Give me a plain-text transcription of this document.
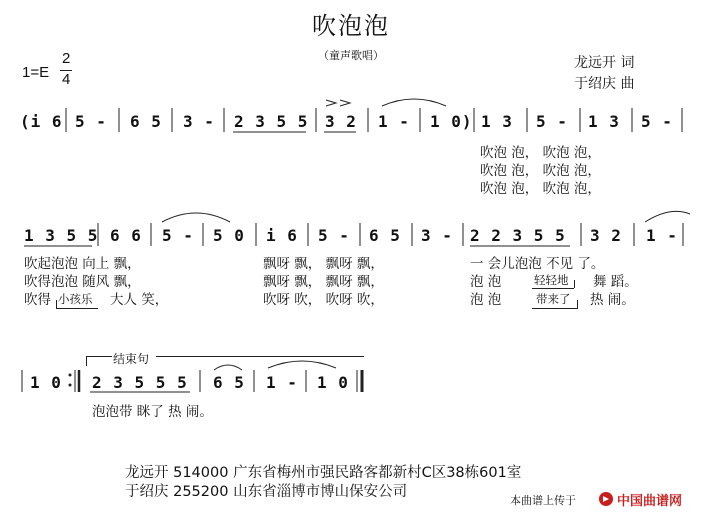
吹泡泡
（童声歌唱）
1=E
2
4
龙远开 词
于绍庆 曲
(i 6 5 - 6 5 3 - 2 3 5 5 3 2 1 - 1 0) 1 3 5 - 1 3 5 -
吹泡 泡， 吹泡 泡，
吹泡 泡， 吹泡 泡，
吹泡 泡， 吹泡 泡，
1 3 5 5 6 6 5 - 5 0 i 6 5 - 6 5 3 - 2 2 3 5 5 3 2 1 -
吹起泡泡 向上 飘，	飘呀 飘， 飘呀 飘，	一 会儿泡泡 不见 了。
吹得泡泡 随风 飘，	飘呀 飘， 飘呀 飘，	泡 泡	轻轻地 舞 蹈。
吹得 小孩乐 大人 笑，	吹呀 吹， 吹呀 吹，	泡 泡	带来了 热 闹。
1 0 2 3 5 5 5 6 5 1 - 1 0
结束句
泡泡带 眯了 热 闹。
龙远开 514000 广东省梅州市强民路客都新村C区38栋601室
于绍庆 255200 山东省淄博市博山保安公司
本曲谱上传于	中国曲谱网
